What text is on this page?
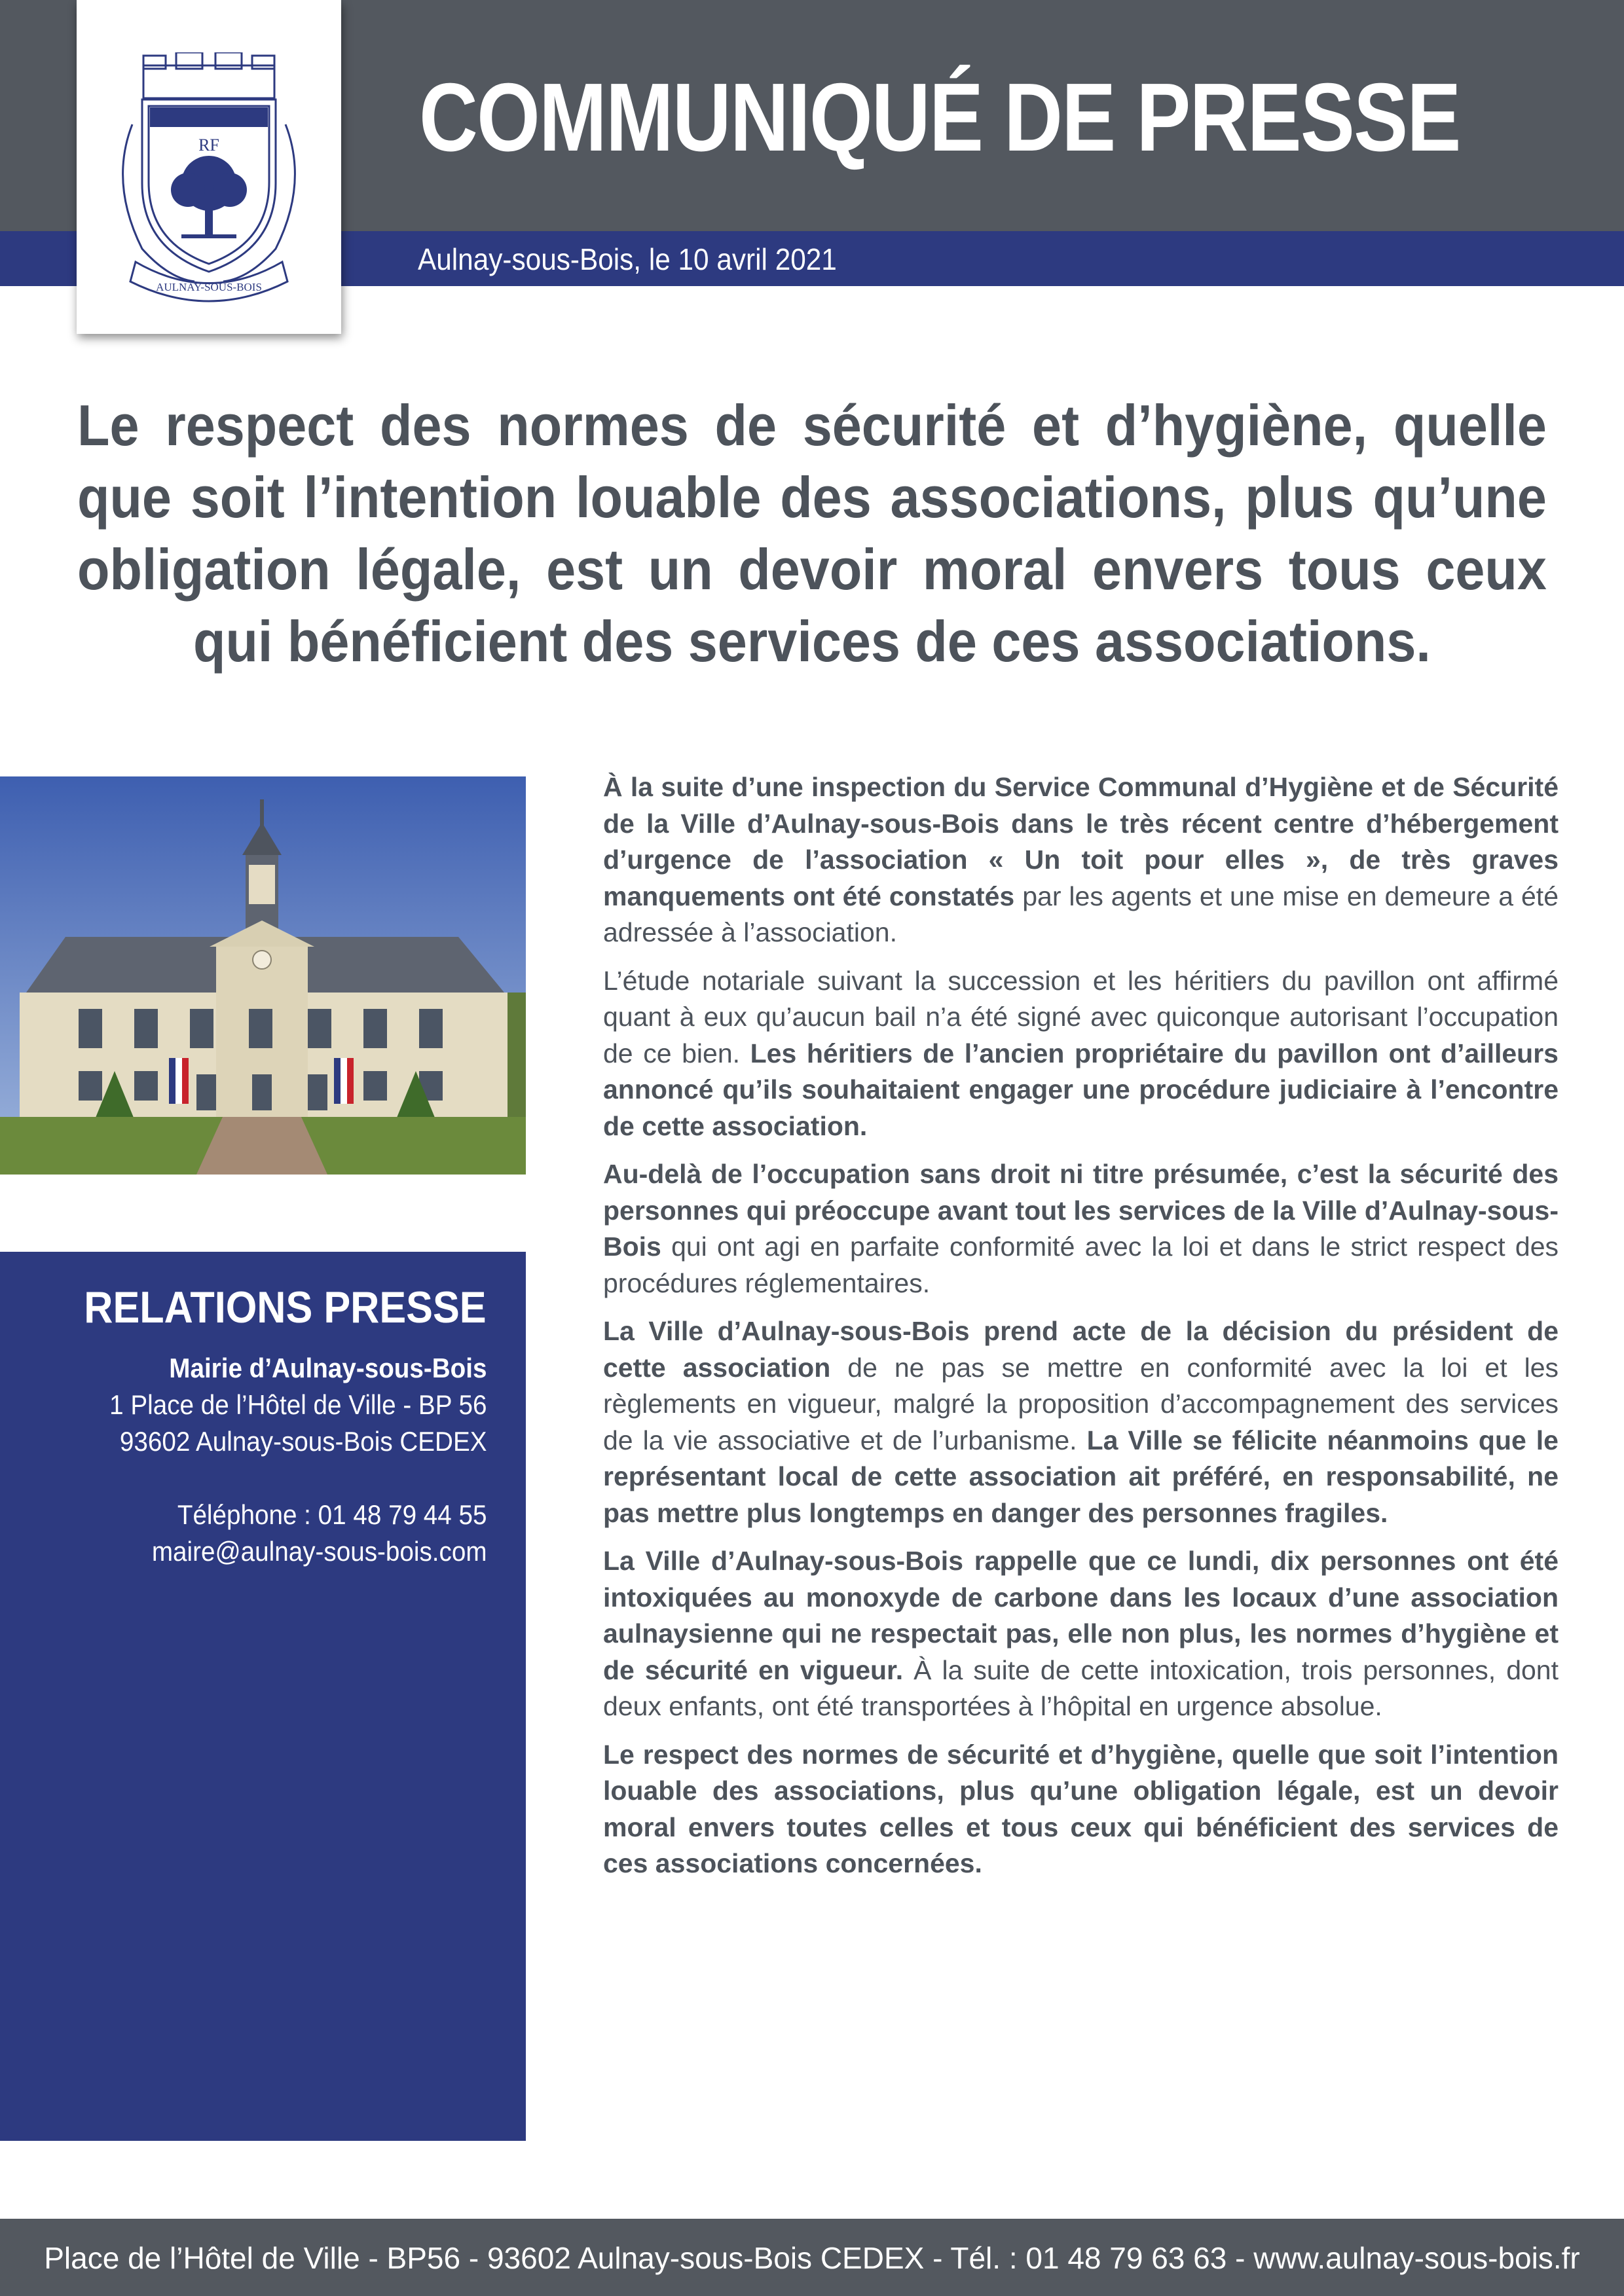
COMMUNIQUÉ DE PRESSE
Aulnay-sous-Bois, le 10 avril 2021
RF
AULNAY-SOUS-BOIS
Le respect des normes de sécurité et d’hygiène, quelle que soit l’intention louable des associations, plus qu’une obligation légale, est un devoir moral envers tous ceux qui bénéficient des services de ces associations.
RELATIONS PRESSE
Mairie d’Aulnay-sous-Bois
1 Place de l’Hôtel de Ville - BP 56
93602 Aulnay-sous-Bois CEDEX
Téléphone : 01 48 79 44 55
maire@aulnay-sous-bois.com

À la suite d’une inspection du Service Communal d’Hygiène et de Sécurité de la Ville d’Aulnay-sous-Bois dans le très récent centre d’hébergement d’urgence de l’association « Un toit pour elles », de très graves manquements ont été constatés par les agents et une mise en demeure a été adressée à l’association.

L’étude notariale suivant la succession et les héritiers du pavillon ont affirmé quant à eux qu’aucun bail n’a été signé avec quiconque autorisant l’occupation de ce bien. Les héritiers de l’ancien propriétaire du pavillon ont d’ailleurs annoncé qu’ils souhaitaient engager une procédure judiciaire à l’encontre de cette association.

Au-delà de l’occupation sans droit ni titre présumée, c’est la sécurité des personnes qui préoccupe avant tout les services de la Ville d’Aulnay-sous-Bois qui ont agi en parfaite conformité avec la loi et dans le strict respect des procédures réglementaires.

La Ville d’Aulnay-sous-Bois prend acte de la décision du président de cette association de ne pas se mettre en conformité avec la loi et les règlements en vigueur, malgré la proposition d’accompagnement des services de la vie associative et de l’urbanisme. La Ville se félicite néanmoins que le représentant local de cette association ait préféré, en responsabilité, ne pas mettre plus longtemps en danger des personnes fragiles.

La Ville d’Aulnay-sous-Bois rappelle que ce lundi, dix personnes ont été intoxiquées au monoxyde de carbone dans les locaux d’une association aulnaysienne qui ne respectait pas, elle non plus, les normes d’hygiène et de sécurité en vigueur. À la suite de cette intoxication, trois personnes, dont deux enfants, ont été transportées à l’hôpital en urgence absolue.

Le respect des normes de sécurité et d’hygiène, quelle que soit l’intention louable des associations, plus qu’une obligation légale, est un devoir moral envers toutes celles et tous ceux qui bénéficient des services de ces associations concernées.

Place de l’Hôtel de Ville - BP56 - 93602 Aulnay-sous-Bois CEDEX - Tél. : 01 48 79 63 63 - www.aulnay-sous-bois.fr
